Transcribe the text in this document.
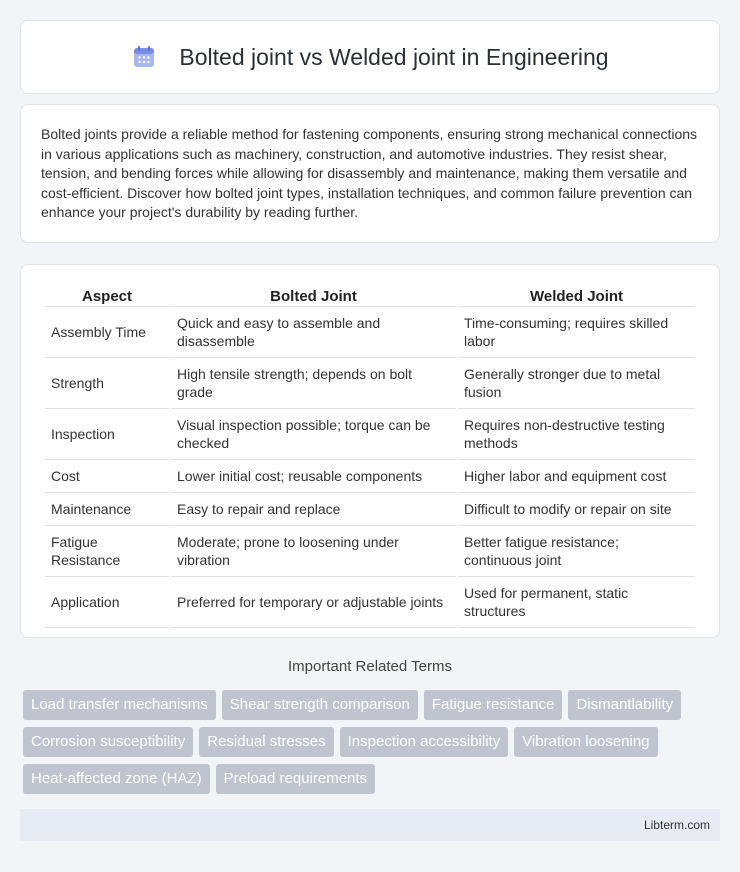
Bolted joint vs Welded joint in Engineering

Bolted joints provide a reliable method for fastening components, ensuring strong mechanical connections in various applications such as machinery, construction, and automotive industries. They resist shear, tension, and bending forces while allowing for disassembly and maintenance, making them versatile and cost-efficient. Discover how bolted joint types, installation techniques, and common failure prevention can enhance your project's durability by reading further.

Aspect	Bolted Joint	Welded Joint
Assembly Time	Quick and easy to assemble and disassemble	Time-consuming; requires skilled labor
Strength	High tensile strength; depends on bolt grade	Generally stronger due to metal fusion
Inspection	Visual inspection possible; torque can be checked	Requires non-destructive testing methods
Cost	Lower initial cost; reusable components	Higher labor and equipment cost
Maintenance	Easy to repair and replace	Difficult to modify or repair on site
Fatigue Resistance	Moderate; prone to loosening under vibration	Better fatigue resistance; continuous joint
Application	Preferred for temporary or adjustable joints	Used for permanent, static structures
Important Related Terms
Load transfer mechanisms	Shear strength comparison	Fatigue resistance	Dismantlability
Corrosion susceptibility	Residual stresses	Inspection accessibility	Vibration loosening
Heat-affected zone (HAZ)	Preload requirements
Libterm.com
